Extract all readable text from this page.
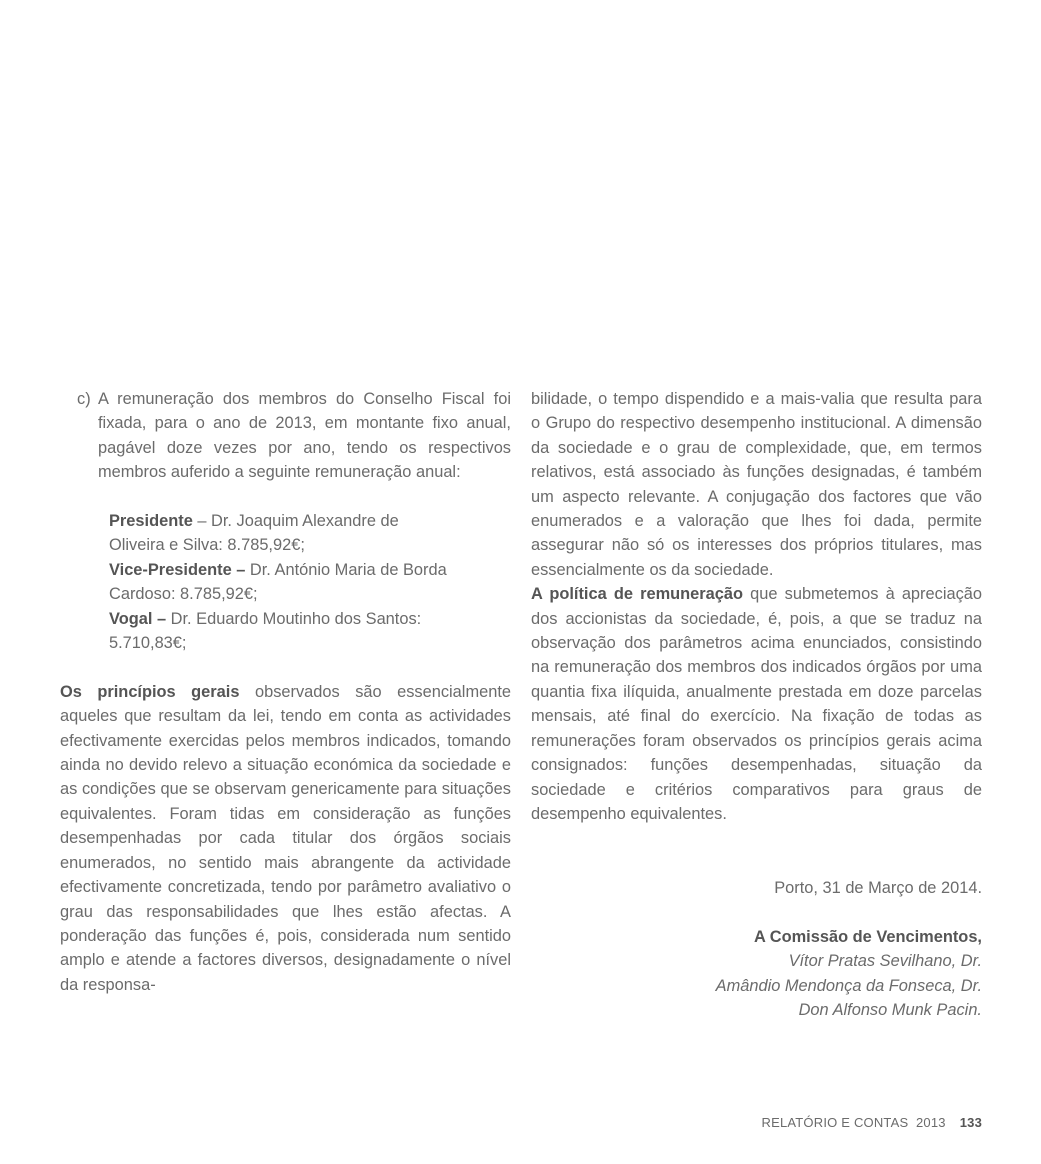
c) A remuneração dos membros do Conselho Fiscal foi fixada, para o ano de 2013, em montante fixo anual, pagável doze vezes por ano, tendo os respectivos membros auferido a seguinte remuneração anual:

Presidente – Dr. Joaquim Alexandre de Oliveira e Silva: 8.785,92€;

Vice-Presidente – Dr. António Maria de Borda Cardoso: 8.785,92€;

Vogal – Dr. Eduardo Moutinho dos Santos: 5.710,83€;

Os princípios gerais observados são essencialmente aqueles que resultam da lei, tendo em conta as actividades efectivamente exercidas pelos membros indicados, tomando ainda no devido relevo a situação económica da sociedade e as condições que se observam genericamente para situações equivalentes. Foram tidas em consideração as funções desempenhadas por cada titular dos órgãos sociais enumerados, no sentido mais abrangente da actividade efectivamente concretizada, tendo por parâmetro avaliativo o grau das responsabilidades que lhes estão afectas. A ponderação das funções é, pois, considerada num sentido amplo e atende a factores diversos, designadamente o nível da responsa-

bilidade, o tempo dispendido e a mais-valia que resulta para o Grupo do respectivo desempenho institucional. A dimensão da sociedade e o grau de complexidade, que, em termos relativos, está associado às funções designadas, é também um aspecto relevante. A conjugação dos factores que vão enumerados e a valoração que lhes foi dada, permite assegurar não só os interesses dos próprios titulares, mas essencialmente os da sociedade.

A política de remuneração que submetemos à apreciação dos accionistas da sociedade, é, pois, a que se traduz na observação dos parâmetros acima enunciados, consistindo na remuneração dos membros dos indicados órgãos por uma quantia fixa ilíquida, anualmente prestada em doze parcelas mensais, até final do exercício. Na fixação de todas as remunerações foram observados os princípios gerais acima consignados: funções desempenhadas, situação da sociedade e critérios comparativos para graus de desempenho equivalentes.

Porto, 31 de Março de 2014.

A Comissão de Vencimentos,

Vítor Pratas Sevilhano, Dr.

Amândio Mendonça da Fonseca, Dr.

Don Alfonso Munk Pacin.

RELATÓRIO E CONTAS  2013 133
